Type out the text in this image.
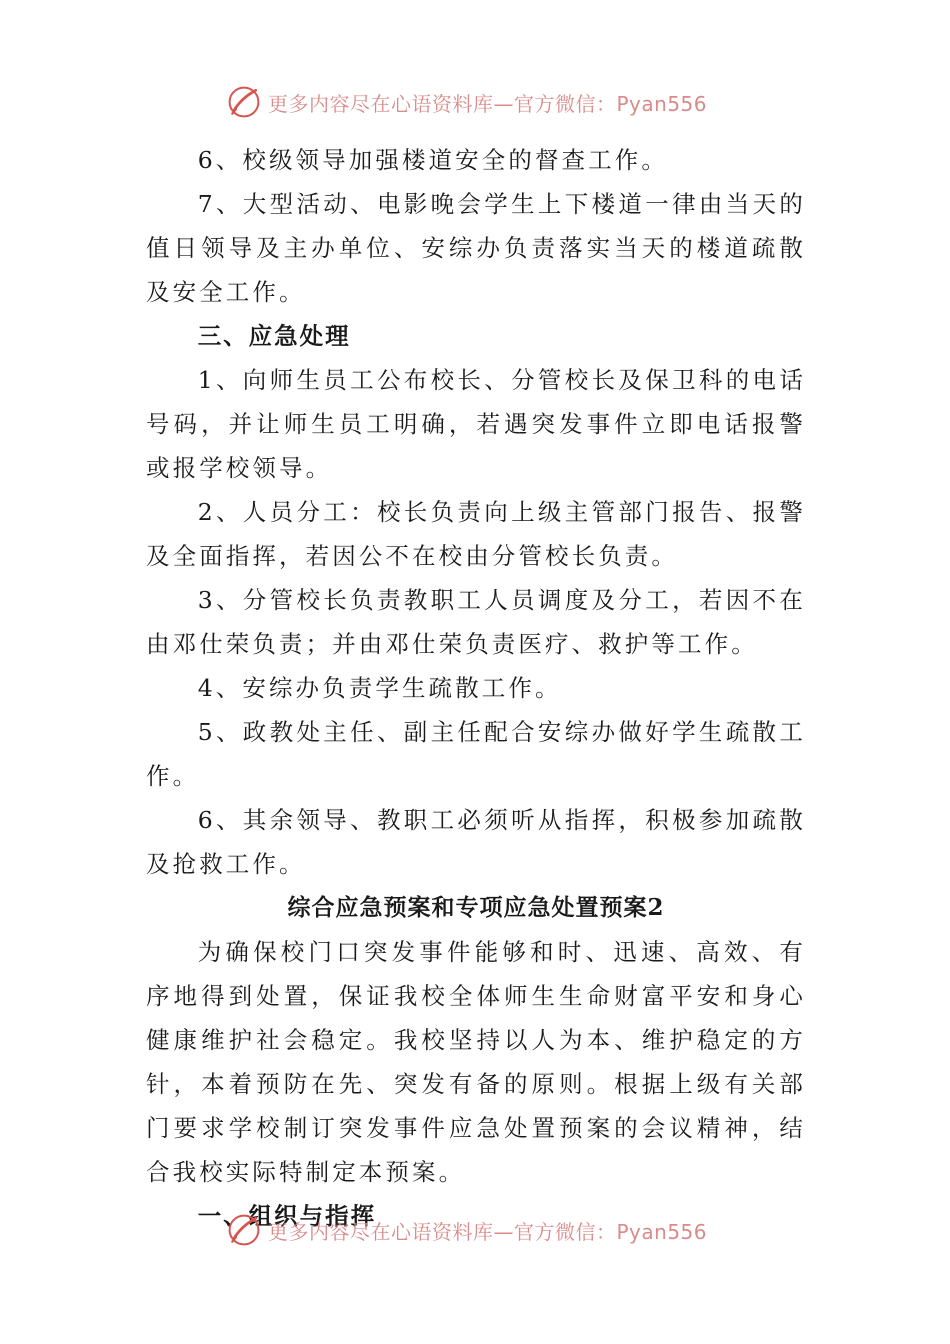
更多内容尽在心语资料库—官方微信：Pyan556

6、校级领导加强楼道安全的督查工作。

7、大型活动、电影晚会学生上下楼道一律由当天的值日领导及主办单位、安综办负责落实当天的楼道疏散及安全工作。

三、应急处理

1、向师生员工公布校长、分管校长及保卫科的电话号码，并让师生员工明确，若遇突发事件立即电话报警或报学校领导。

2、人员分工：校长负责向上级主管部门报告、报警及全面指挥，若因公不在校由分管校长负责。

3、分管校长负责教职工人员调度及分工，若因不在由邓仕荣负责；并由邓仕荣负责医疗、救护等工作。

4、安综办负责学生疏散工作。

5、政教处主任、副主任配合安综办做好学生疏散工作。

6、其余领导、教职工必须听从指挥，积极参加疏散及抢救工作。

综合应急预案和专项应急处置预案2

为确保校门口突发事件能够和时、迅速、高效、有序地得到处置，保证我校全体师生生命财富平安和身心健康维护社会稳定。我校坚持以人为本、维护稳定的方针，本着预防在先、突发有备的原则。根据上级有关部门要求学校制订突发事件应急处置预案的会议精神，结合我校实际特制定本预案。

一、组织与指挥

更多内容尽在心语资料库—官方微信：Pyan556
